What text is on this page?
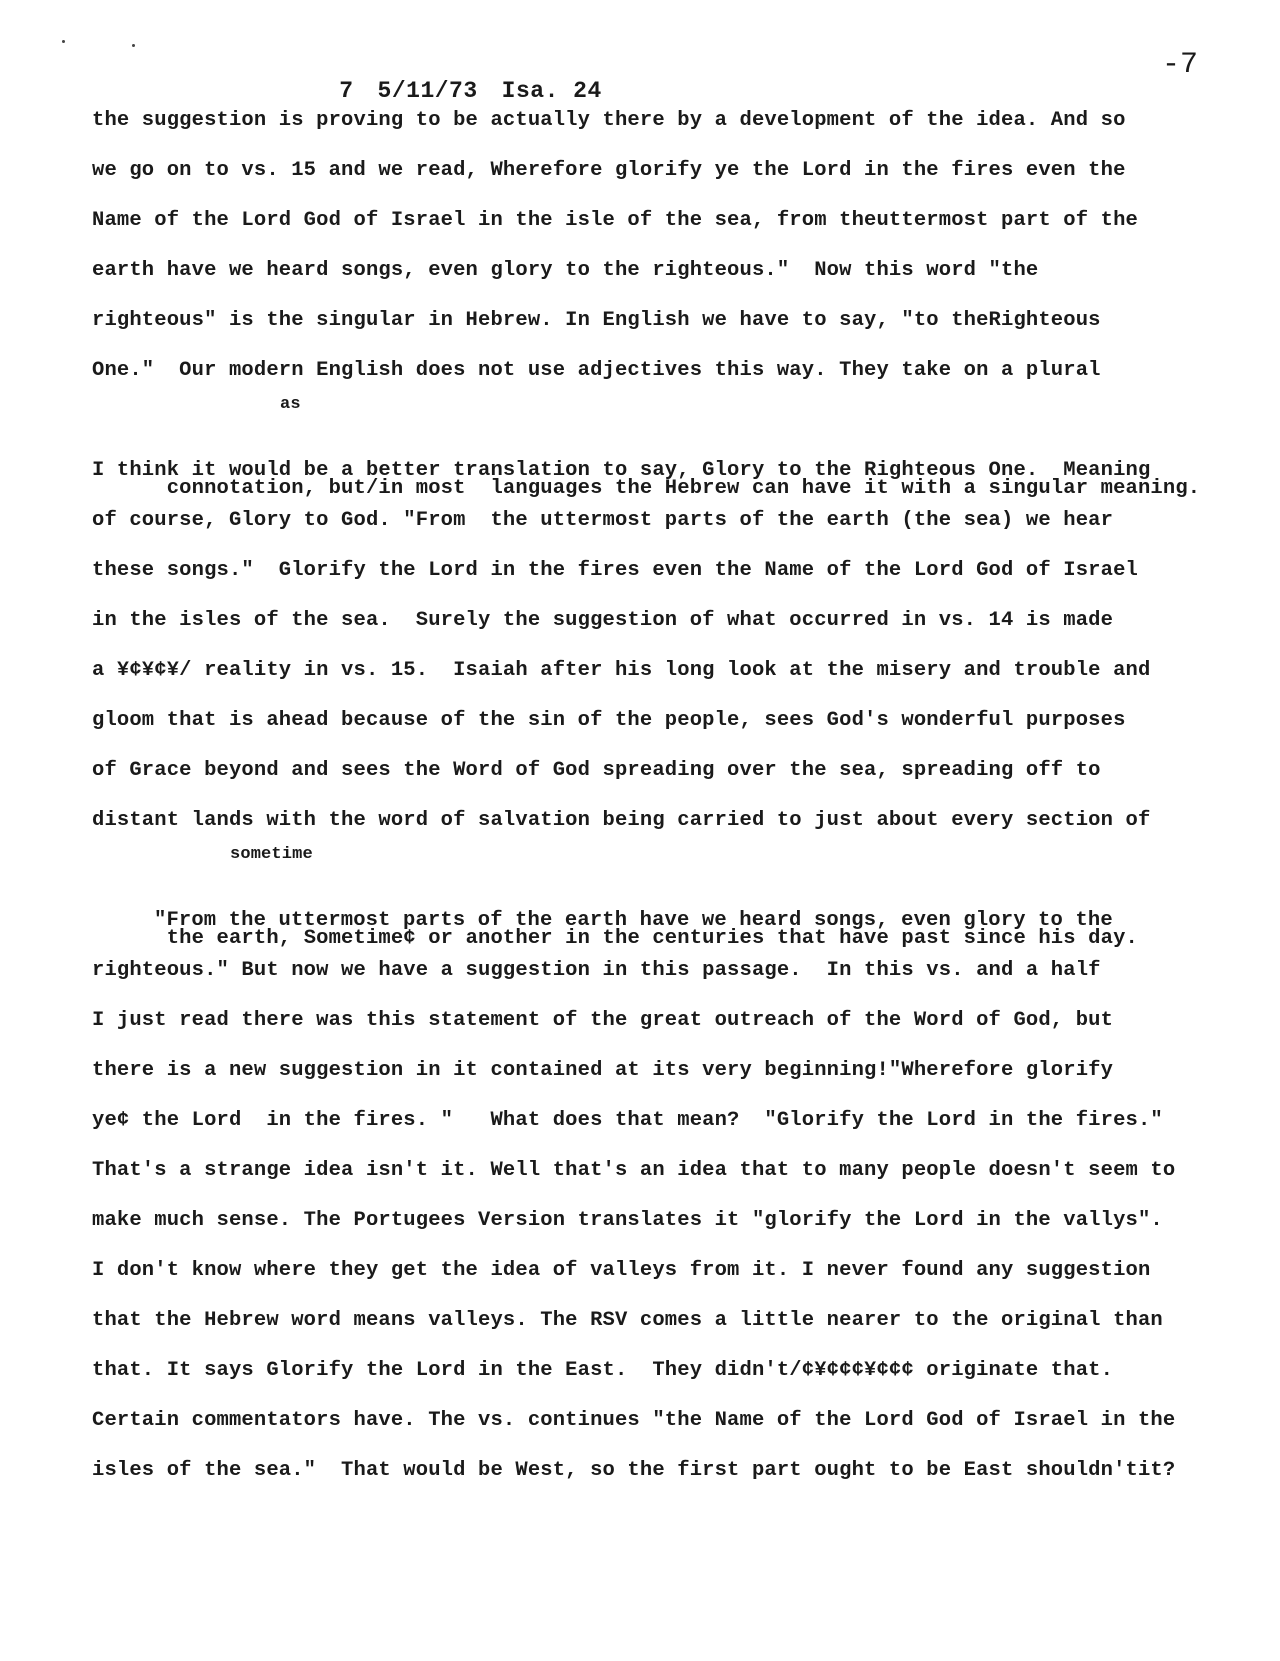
7 5/11/73 Isa. 24

-7
the suggestion is proving to be actually there by a development of the idea. And so
we go on to vs. 15 and we read, Wherefore glorify ye the Lord in the fires even the
Name of the Lord God of Israel in the isle of the sea, from theuttermost part of the
earth have we heard songs, even glory to the righteous."  Now this word "the
righteous" is the singular in Hebrew. In English we have to say, "to theRighteous
One."  Our modern English does not use adjectives this way. They take on a plural

as

connotation, but/in most  languages the Hebrew can have it with a singular meaning.

I think it would be a better translation to say, Glory to the Righteous One.  Meaning
of course, Glory to God. "From  the uttermost parts of the earth (the sea) we hear
these songs."  Glorify the Lord in the fires even the Name of the Lord God of Israel
in the isles of the sea.  Surely the suggestion of what occurred in vs. 14 is made
a ¥¢¥¢¥/ reality in vs. 15.  Isaiah after his long look at the misery and trouble and
gloom that is ahead because of the sin of the people, sees God's wonderful purposes
of Grace beyond and sees the Word of God spreading over the sea, spreading off to
distant lands with the word of salvation being carried to just about every section of

sometime

the earth, Sometime¢ or another in the centuries that have past since his day.

"From the uttermost parts of the earth have we heard songs, even glory to the
righteous." But now we have a suggestion in this passage.  In this vs. and a half
I just read there was this statement of the great outreach of the Word of God, but
there is a new suggestion in it contained at its very beginning!"Wherefore glorify
ye¢ the Lord  in the fires. "   What does that mean?  "Glorify the Lord in the fires."
That's a strange idea isn't it. Well that's an idea that to many people doesn't seem to
make much sense. The Portugees Version translates it "glorify the Lord in the vallys".
I don't know where they get the idea of valleys from it. I never found any suggestion
that the Hebrew word means valleys. The RSV comes a little nearer to the original than
that. It says Glorify the Lord in the East.  They didn't/¢¥¢¢¢¥¢¢¢ originate that.
Certain commentators have. The vs. continues "the Name of the Lord God of Israel in the
isles of the sea."  That would be West, so the first part ought to be East shouldn'tit?
